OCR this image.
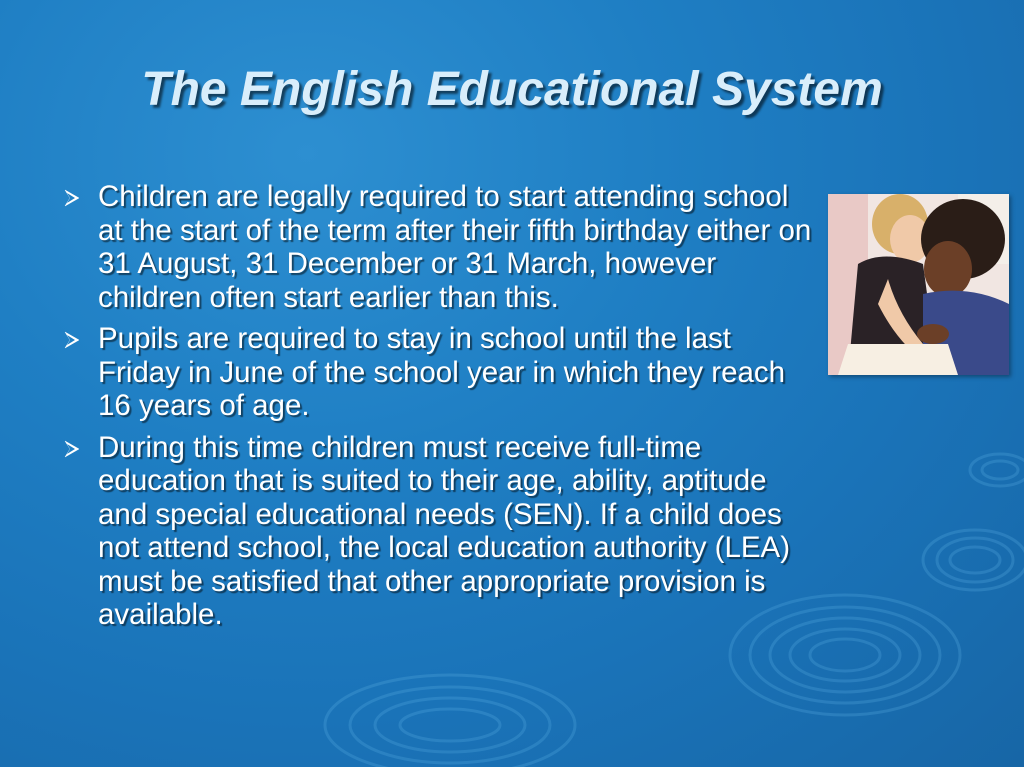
The English Educational System
Children are legally required to start attending school at the start of the term after their fifth birthday either on 31 August, 31 December or 31 March, however children often start earlier than this.
Pupils are required to stay in school until the last Friday in June of the school year in which they reach 16 years of age.
During this time children must receive full-time education that is suited to their age, ability, aptitude and special educational needs (SEN). If a child does not attend school, the local education authority (LEA) must be satisfied that other appropriate provision is available.
